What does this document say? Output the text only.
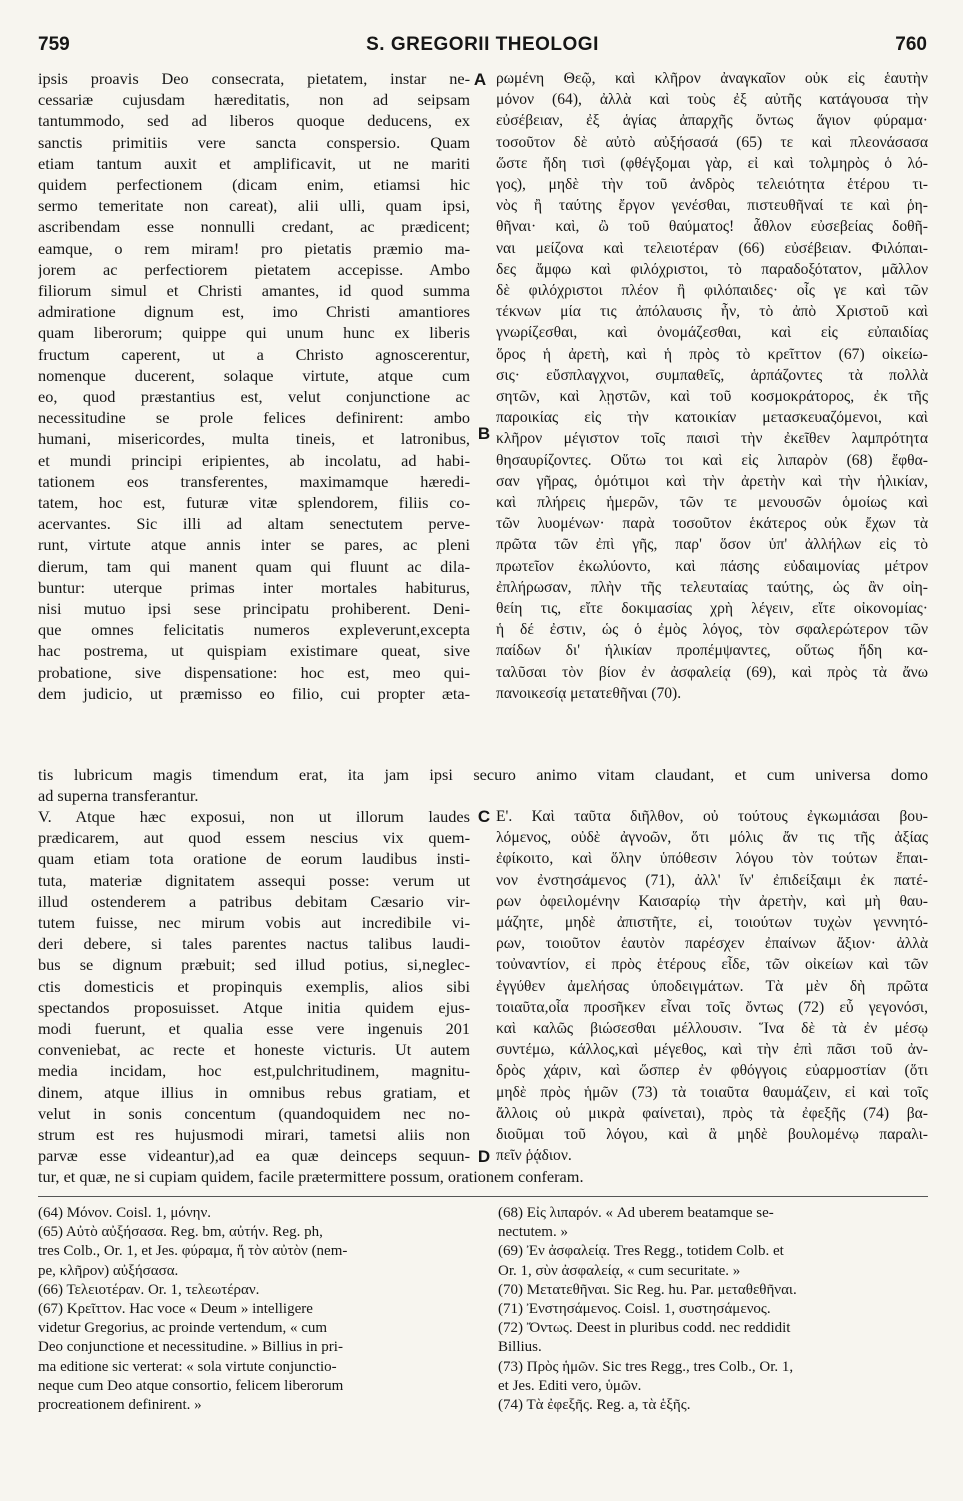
759	S. GREGORII THEOLOGI	760
ipsis proavis Deo consecrata, pietatem, instar ne-
cessariæ cujusdam hæreditatis, non ad seipsam
tantummodo, sed ad liberos quoque deducens, ex
sanctis primitiis vere sancta conspersio. Quam
etiam tantum auxit et amplificavit, ut ne mariti
quidem perfectionem (dicam enim, etiamsi hic
sermo temeritate non careat), alii ulli, quam ipsi,
ascribendam esse nonnulli credant, ac prædicent;
eamque, o rem miram! pro pietatis præmio ma-
jorem ac perfectiorem pietatem accepisse. Ambo
filiorum simul et Christi amantes, id quod summa
admiratione dignum est, imo Christi amantiores
quam liberorum; quippe qui unum hunc ex liberis
fructum caperent, ut a Christo agnoscerentur,
nomenque ducerent, solaque virtute, atque cum
eo, quod præstantius est, velut conjunctione ac
necessitudine se prole felices definirent: ambo
humani, misericordes, multa tineis, et latronibus,
et mundi principi eripientes, ab incolatu, ad habi-
tationem eos transferentes, maximamque hæredi-
tatem, hoc est, futuræ vitæ splendorem, filiis co-
acervantes. Sic illi ad altam senectutem perve-
runt, virtute atque annis inter se pares, ac pleni
dierum, tam qui manent quam qui fluunt ac dila-
buntur: uterque primas inter mortales habiturus,
nisi mutuo ipsi sese principatu prohiberent. Deni-
que omnes felicitatis numeros expleverunt,excepta
hac postrema, ut quispiam existimare queat, sive
probatione, sive dispensatione: hoc est, meo qui-
dem judicio, ut præmisso eo filio, cui propter æta-
ρωμένη Θεῷ, καὶ κλῆρον ἀναγκαῖον οὐκ εἰς ἑαυτὴν
μόνον (64), ἀλλὰ καὶ τοὺς ἐξ αὐτῆς κατάγουσα τὴν
εὐσέβειαν, ἐξ ἁγίας ἀπαρχῆς ὄντως ἅγιον φύραμα·
τοσοῦτον δὲ αὐτὸ αὐξήσασά (65) τε καὶ πλεονάσασα
ὥστε ἤδη τισὶ (φθέγξομαι γὰρ, εἰ καὶ τολμηρὸς ὁ λό-
γος), μηδὲ τὴν τοῦ ἀνδρὸς τελειότητα ἑτέρου τι-
νὸς ἢ ταύτης ἔργον γενέσθαι, πιστευθῆναί τε καὶ ῥη-
θῆναι· καὶ, ὢ τοῦ θαύματος! ἆθλον εὐσεβείας δοθῆ-
ναι μείζονα καὶ τελειοτέραν (66) εὐσέβειαν. Φιλόπαι-
δες ἄμφω καὶ φιλόχριστοι, τὸ παραδοξότατον, μᾶλλον
δὲ φιλόχριστοι πλέον ἢ φιλόπαιδες· οἷς γε καὶ τῶν
τέκνων μία τις ἀπόλαυσις ἦν, τὸ ἀπὸ Χριστοῦ καὶ
γνωρίζεσθαι, καὶ ὀνομάζεσθαι, καὶ εἰς εὐπαιδίας
ὅρος ἡ ἀρετὴ, καὶ ἡ πρὸς τὸ κρεῖττον (67) οἰκείω-
σις· εὔσπλαγχνοι, συμπαθεῖς, ἁρπάζοντες τὰ πολλὰ
σητῶν, καὶ λῃστῶν, καὶ τοῦ κοσμοκράτορος, ἐκ τῆς
παροικίας εἰς τὴν κατοικίαν μετασκευαζόμενοι, καὶ
κλῆρον μέγιστον τοῖς παισὶ τὴν ἐκεῖθεν λαμπρότητα
θησαυρίζοντες. Οὕτω τοι καὶ εἰς λιπαρὸν (68) ἔφθα-
σαν γῆρας, ὁμότιμοι καὶ τὴν ἀρετὴν καὶ τὴν ἡλικίαν,
καὶ πλήρεις ἡμερῶν, τῶν τε μενουσῶν ὁμοίως καὶ
τῶν λυομένων· παρὰ τοσοῦτον ἑκάτερος οὐκ ἔχων τὰ
πρῶτα τῶν ἐπὶ γῆς, παρ' ὅσον ὑπ' ἀλλήλων εἰς τὸ
πρωτεῖον ἐκωλύοντο, καὶ πάσης εὐδαιμονίας μέτρον
ἐπλήρωσαν, πλὴν τῆς τελευταίας ταύτης, ὡς ἂν οἰη-
θείη τις, εἴτε δοκιμασίας χρὴ λέγειν, εἴτε οἰκονομίας·
ἡ δέ ἐστιν, ὡς ὁ ἐμὸς λόγος, τὸν σφαλερώτερον τῶν
παίδων δι' ἡλικίαν προπέμψαντες, οὕτως ἤδη κα-
ταλῦσαι τὸν βίον ἐν ἀσφαλείᾳ (69), καὶ πρὸς τὰ ἄνω
πανοικεσίᾳ μετατεθῆναι (70).
A
B
C
D
tis lubricum magis timendum erat, ita jam ipsi securo animo vitam claudant, et cum universa domo
ad superna transferantur.
V. Atque hæc exposui, non ut illorum laudes
prædicarem, aut quod essem nescius vix quem-
quam etiam tota oratione de eorum laudibus insti-
tuta, materiæ dignitatem assequi posse: verum ut
illud ostenderem a patribus debitam Cæsario vir-
tutem fuisse, nec mirum vobis aut incredibile vi-
deri debere, si tales parentes nactus talibus laudi-
bus se dignum præbuit; sed illud potius, si,neglec-
ctis domesticis et propinquis exemplis, alios sibi
spectandos proposuisset. Atque initia quidem ejus-
modi fuerunt, et qualia esse vere ingenuis 201
conveniebat, ac recte et honeste victuris. Ut autem
media incidam, hoc est,pulchritudinem, magnitu-
dinem, atque illius in omnibus rebus gratiam, et
velut in sonis concentum (quandoquidem nec no-
strum est res hujusmodi mirari, tametsi aliis non
parvæ esse videantur),ad ea quæ deinceps sequun-
Ε'. Καὶ ταῦτα διῆλθον, οὐ τούτους ἐγκωμιάσαι βου-
λόμενος, οὐδὲ ἀγνοῶν, ὅτι μόλις ἄν τις τῆς ἀξίας
ἐφίκοιτο, καὶ ὅλην ὑπόθεσιν λόγου τὸν τούτων ἔπαι-
νον ἐνστησάμενος (71), ἀλλ' ἵν' ἐπιδείξαιμι ἐκ πατέ-
ρων ὀφειλομένην Καισαρίῳ τὴν ἀρετὴν, καὶ μὴ θαυ-
μάζητε, μηδὲ ἀπιστῆτε, εἰ, τοιούτων τυχὼν γεννητό-
ρων, τοιοῦτον ἑαυτὸν παρέσχεν ἐπαίνων ἄξιον· ἀλλὰ
τοὐναντίον, εἰ πρὸς ἑτέρους εἶδε, τῶν οἰκείων καὶ τῶν
ἐγγύθεν ἀμελήσας ὑποδειγμάτων. Τὰ μὲν δὴ πρῶτα
τοιαῦτα,οἷα προσῆκεν εἶναι τοῖς ὄντως (72) εὖ γεγονόσι,
καὶ καλῶς βιώσεσθαι μέλλουσιν. Ἵνα δὲ τὰ ἐν μέσῳ
συντέμω, κάλλος,καὶ μέγεθος, καὶ τὴν ἐπὶ πᾶσι τοῦ ἀν-
δρὸς χάριν, καὶ ὥσπερ ἐν φθόγγοις εὐαρμοστίαν (ὅτι
μηδὲ πρὸς ἡμῶν (73) τὰ τοιαῦτα θαυμάζειν, εἰ καὶ τοῖς
ἄλλοις οὐ μικρὰ φαίνεται), πρὸς τὰ ἐφεξῆς (74) βα-
διοῦμαι τοῦ λόγου, καὶ ἃ μηδὲ βουλομένῳ παραλι-
πεῖν ῥᾴδιον.
tur, et quæ, ne si cupiam quidem, facile prætermittere possum, orationem conferam.
(64) Μόνον. Coisl. 1, μόνην.
(65) Αὐτὸ αὐξήσασα. Reg. bm, αὐτήν. Reg. ph,
tres Colb., Or. 1, et Jes. φύραμα, ἥ τὸν αὐτὸν (nem-
pe, κλῆρον) αὐξήσασα.
(66) Τελειοτέραν. Or. 1, τελεωτέραν.
(67) Κρεῖττον. Hac voce « Deum » intelligere
videtur Gregorius, ac proinde vertendum, « cum
Deo conjunctione et necessitudine. » Billius in pri-
ma editione sic verterat: « sola virtute conjunctio-
neque cum Deo atque consortio, felicem liberorum
procreationem definirent. »
(68) Εἰς λιπαρόν. « Ad uberem beatamque se-
nectutem. »
(69) Ἐν ἀσφαλείᾳ. Tres Regg., totidem Colb. et
Or. 1, σὺν ἀσφαλείᾳ, « cum securitate. »
(70) Μετατεθῆναι. Sic Reg. hu. Par. μεταθεθῆναι.
(71) Ἐνστησάμενος. Coisl. 1, συστησάμενος.
(72) Ὄντως. Deest in pluribus codd. nec reddidit
Billius.
(73) Πρὸς ἡμῶν. Sic tres Regg., tres Colb., Or. 1,
et Jes. Editi vero, ὑμῶν.
(74) Τὰ ἐφεξῆς. Reg. a, τὰ ἑξῆς.
